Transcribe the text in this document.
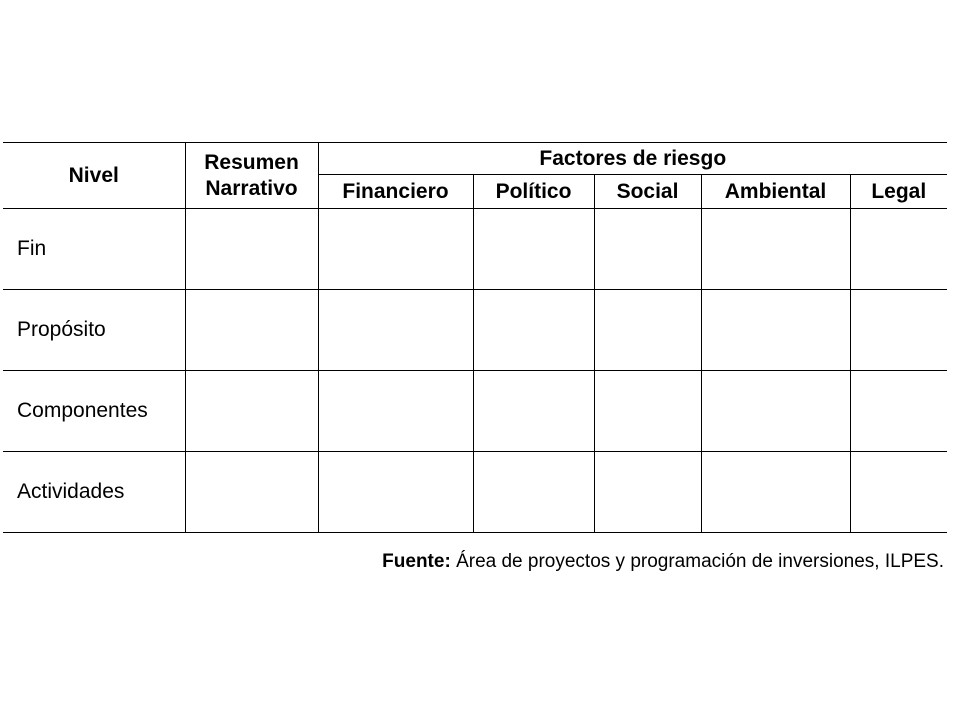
Nivel	Resumen Narrativo	Factores de riesgo				
		Financiero	Político	Social	Ambiental	Legal
Fin						
Propósito						
Componentes						
Actividades						
Fuente: Área de proyectos y programación de inversiones, ILPES.
